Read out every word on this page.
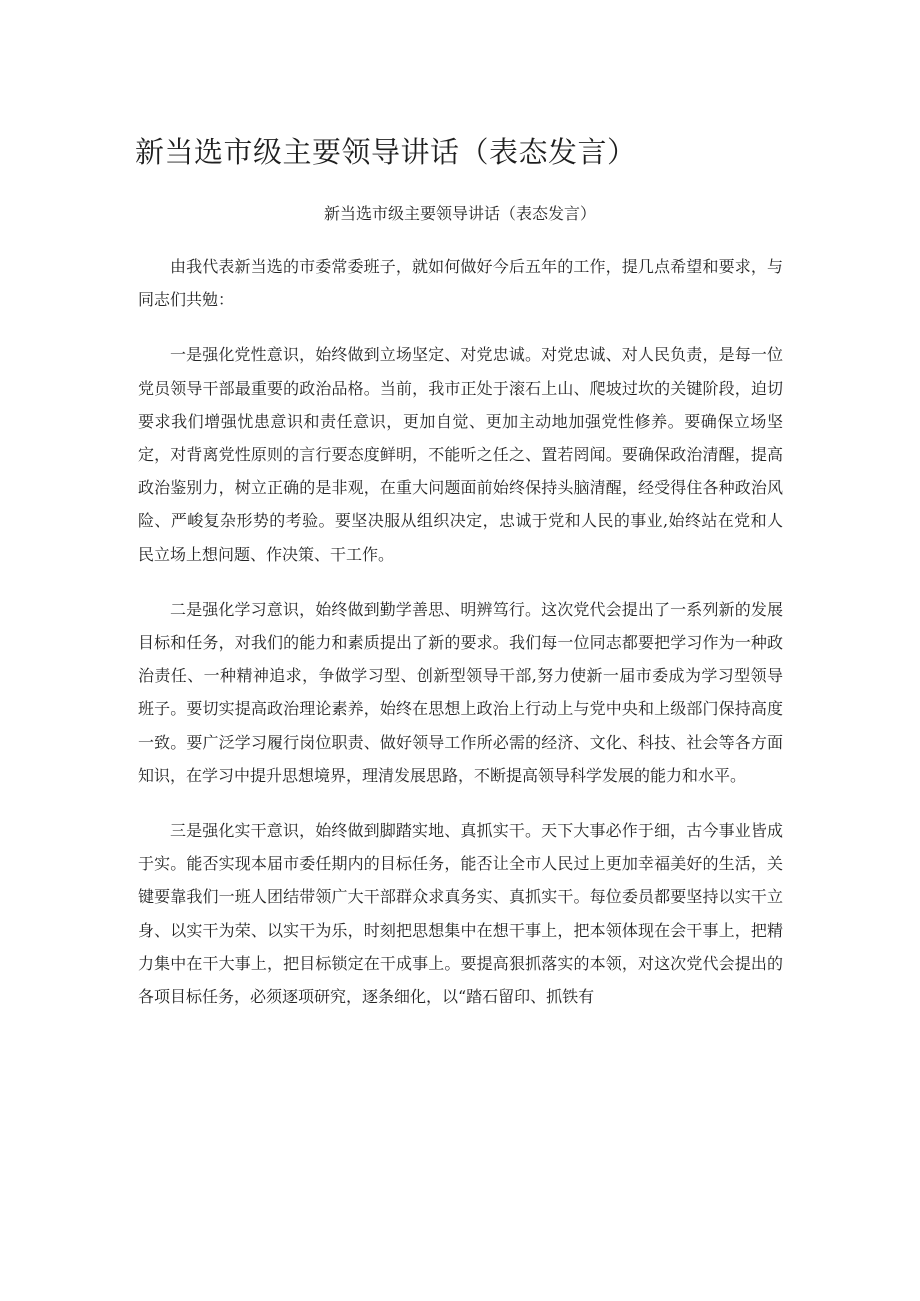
新当选市级主要领导讲话（表态发言）
新当选市级主要领导讲话（表态发言）

由我代表新当选的市委常委班子，就如何做好今后五年的工作，提几点希望和要求，与同志们共勉：

一是强化党性意识，始终做到立场坚定、对党忠诚。对党忠诚、对人民负责，是每一位党员领导干部最重要的政治品格。当前，我市正处于滚石上山、爬坡过坎的关键阶段，迫切要求我们增强忧患意识和责任意识，更加自觉、更加主动地加强党性修养。要确保立场坚定，对背离党性原则的言行要态度鲜明，不能听之任之、置若罔闻。要确保政治清醒，提高政治鉴别力，树立正确的是非观，在重大问题面前始终保持头脑清醒，经受得住各种政治风险、严峻复杂形势的考验。要坚决服从组织决定，忠诚于党和人民的事业,始终站在党和人民立场上想问题、作决策、干工作。

二是强化学习意识，始终做到勤学善思、明辨笃行。这次党代会提出了一系列新的发展目标和任务，对我们的能力和素质提出了新的要求。我们每一位同志都要把学习作为一种政治责任、一种精神追求，争做学习型、创新型领导干部,努力使新一届市委成为学习型领导班子。要切实提高政治理论素养，始终在思想上政治上行动上与党中央和上级部门保持高度一致。要广泛学习履行岗位职责、做好领导工作所必需的经济、文化、科技、社会等各方面知识，在学习中提升思想境界，理清发展思路，不断提高领导科学发展的能力和水平。

三是强化实干意识，始终做到脚踏实地、真抓实干。天下大事必作于细，古今事业皆成于实。能否实现本届市委任期内的目标任务，能否让全市人民过上更加幸福美好的生活，关键要靠我们一班人团结带领广大干部群众求真务实、真抓实干。每位委员都要坚持以实干立身、以实干为荣、以实干为乐，时刻把思想集中在想干事上，把本领体现在会干事上，把精力集中在干大事上，把目标锁定在干成事上。要提高狠抓落实的本领，对这次党代会提出的各项目标任务，必须逐项研究，逐条细化，以“踏石留印、抓铁有
